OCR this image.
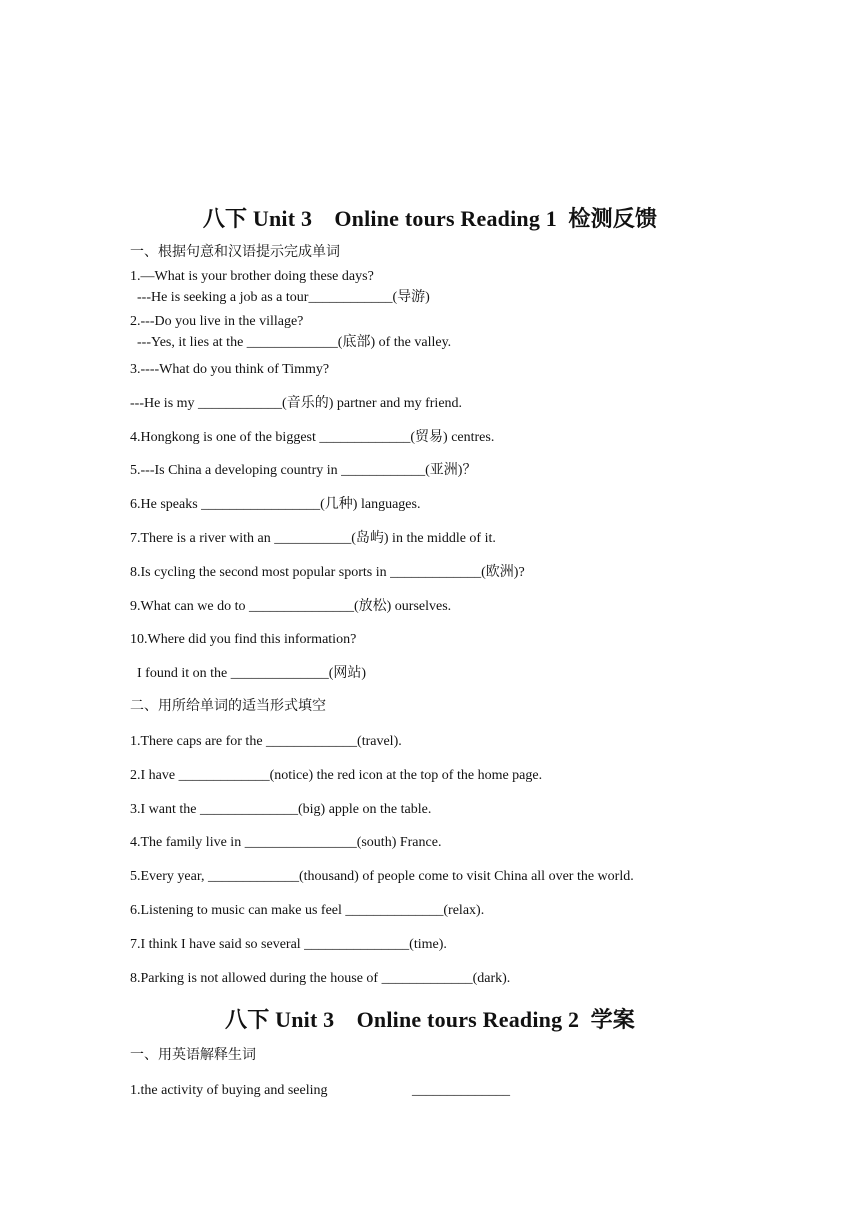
八下 Unit 3　Online tours Reading 1  检测反馈
一、根据句意和汉语提示完成单词
1.—What is your brother doing these days?
---He is seeking a job as a tour____________(导游)
2.---Do you live in the village?
---Yes, it lies at the _____________(底部) of the valley.
3.----What do you think of Timmy?
---He is my ____________(音乐的) partner and my friend.
4.Hongkong is one of the biggest _____________(贸易) centres.
5.---Is China a developing country in ____________(亚洲)？
6.He speaks _________________(几种) languages.
7.There is a river with an ___________(岛屿) in the middle of it.
8.Is cycling the second most popular sports in _____________(欧洲)?
9.What can we do to _______________(放松) ourselves.
10.Where did you find this information?
I found it on the ______________(网站)
二、用所给单词的适当形式填空
1.There caps are for the _____________(travel).
2.I have _____________(notice) the red icon at the top of the home page.
3.I want the ______________(big) apple on the table.
4.The family live in ________________(south) France.
5.Every year, _____________(thousand) of people come to visit China all over the world.
6.Listening to music can make us feel ______________(relax).
7.I think I have said so several _______________(time).
8.Parking is not allowed during the house of _____________(dark).
八下 Unit 3　Online tours Reading 2  学案
一、用英语解释生词
1.the activity of buying and seeling	______________
